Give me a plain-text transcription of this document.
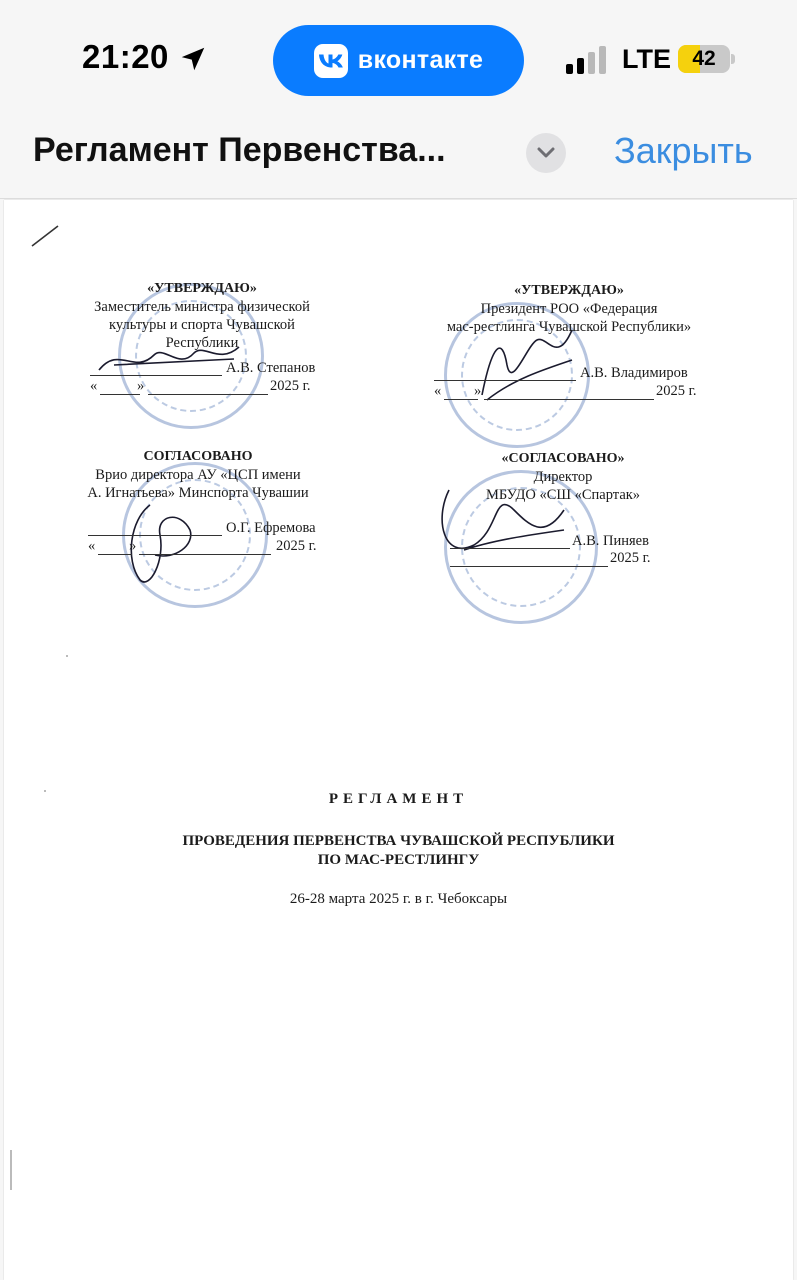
21:20	вконтакте	LTE	42
Регламент Первенства...	Закрыть
«УТВЕРЖДАЮ»
Заместитель министра физической
культуры и спорта Чувашской
Республики
А.В. Степанов
«	»	2025 г.
«УТВЕРЖДАЮ»
Президент РОО «Федерация
мас-рестлинга Чувашской Республики»
А.В. Владимиров
« »	2025 г.
СОГЛАСОВАНО
Врио директора АУ «ЦСП имени
А. Игнатьева» Минспорта Чувашии
О.Г. Ефремова
« »	2025 г.
«СОГЛАСОВАНО»
Директор
МБУДО «СШ «Спартак»
А.В. Пиняев
2025 г.
РЕГЛАМЕНТ
ПРОВЕДЕНИЯ ПЕРВЕНСТВА ЧУВАШСКОЙ РЕСПУБЛИКИ
ПО МАС-РЕСТЛИНГУ
26-28 марта 2025 г. в г. Чебоксары
